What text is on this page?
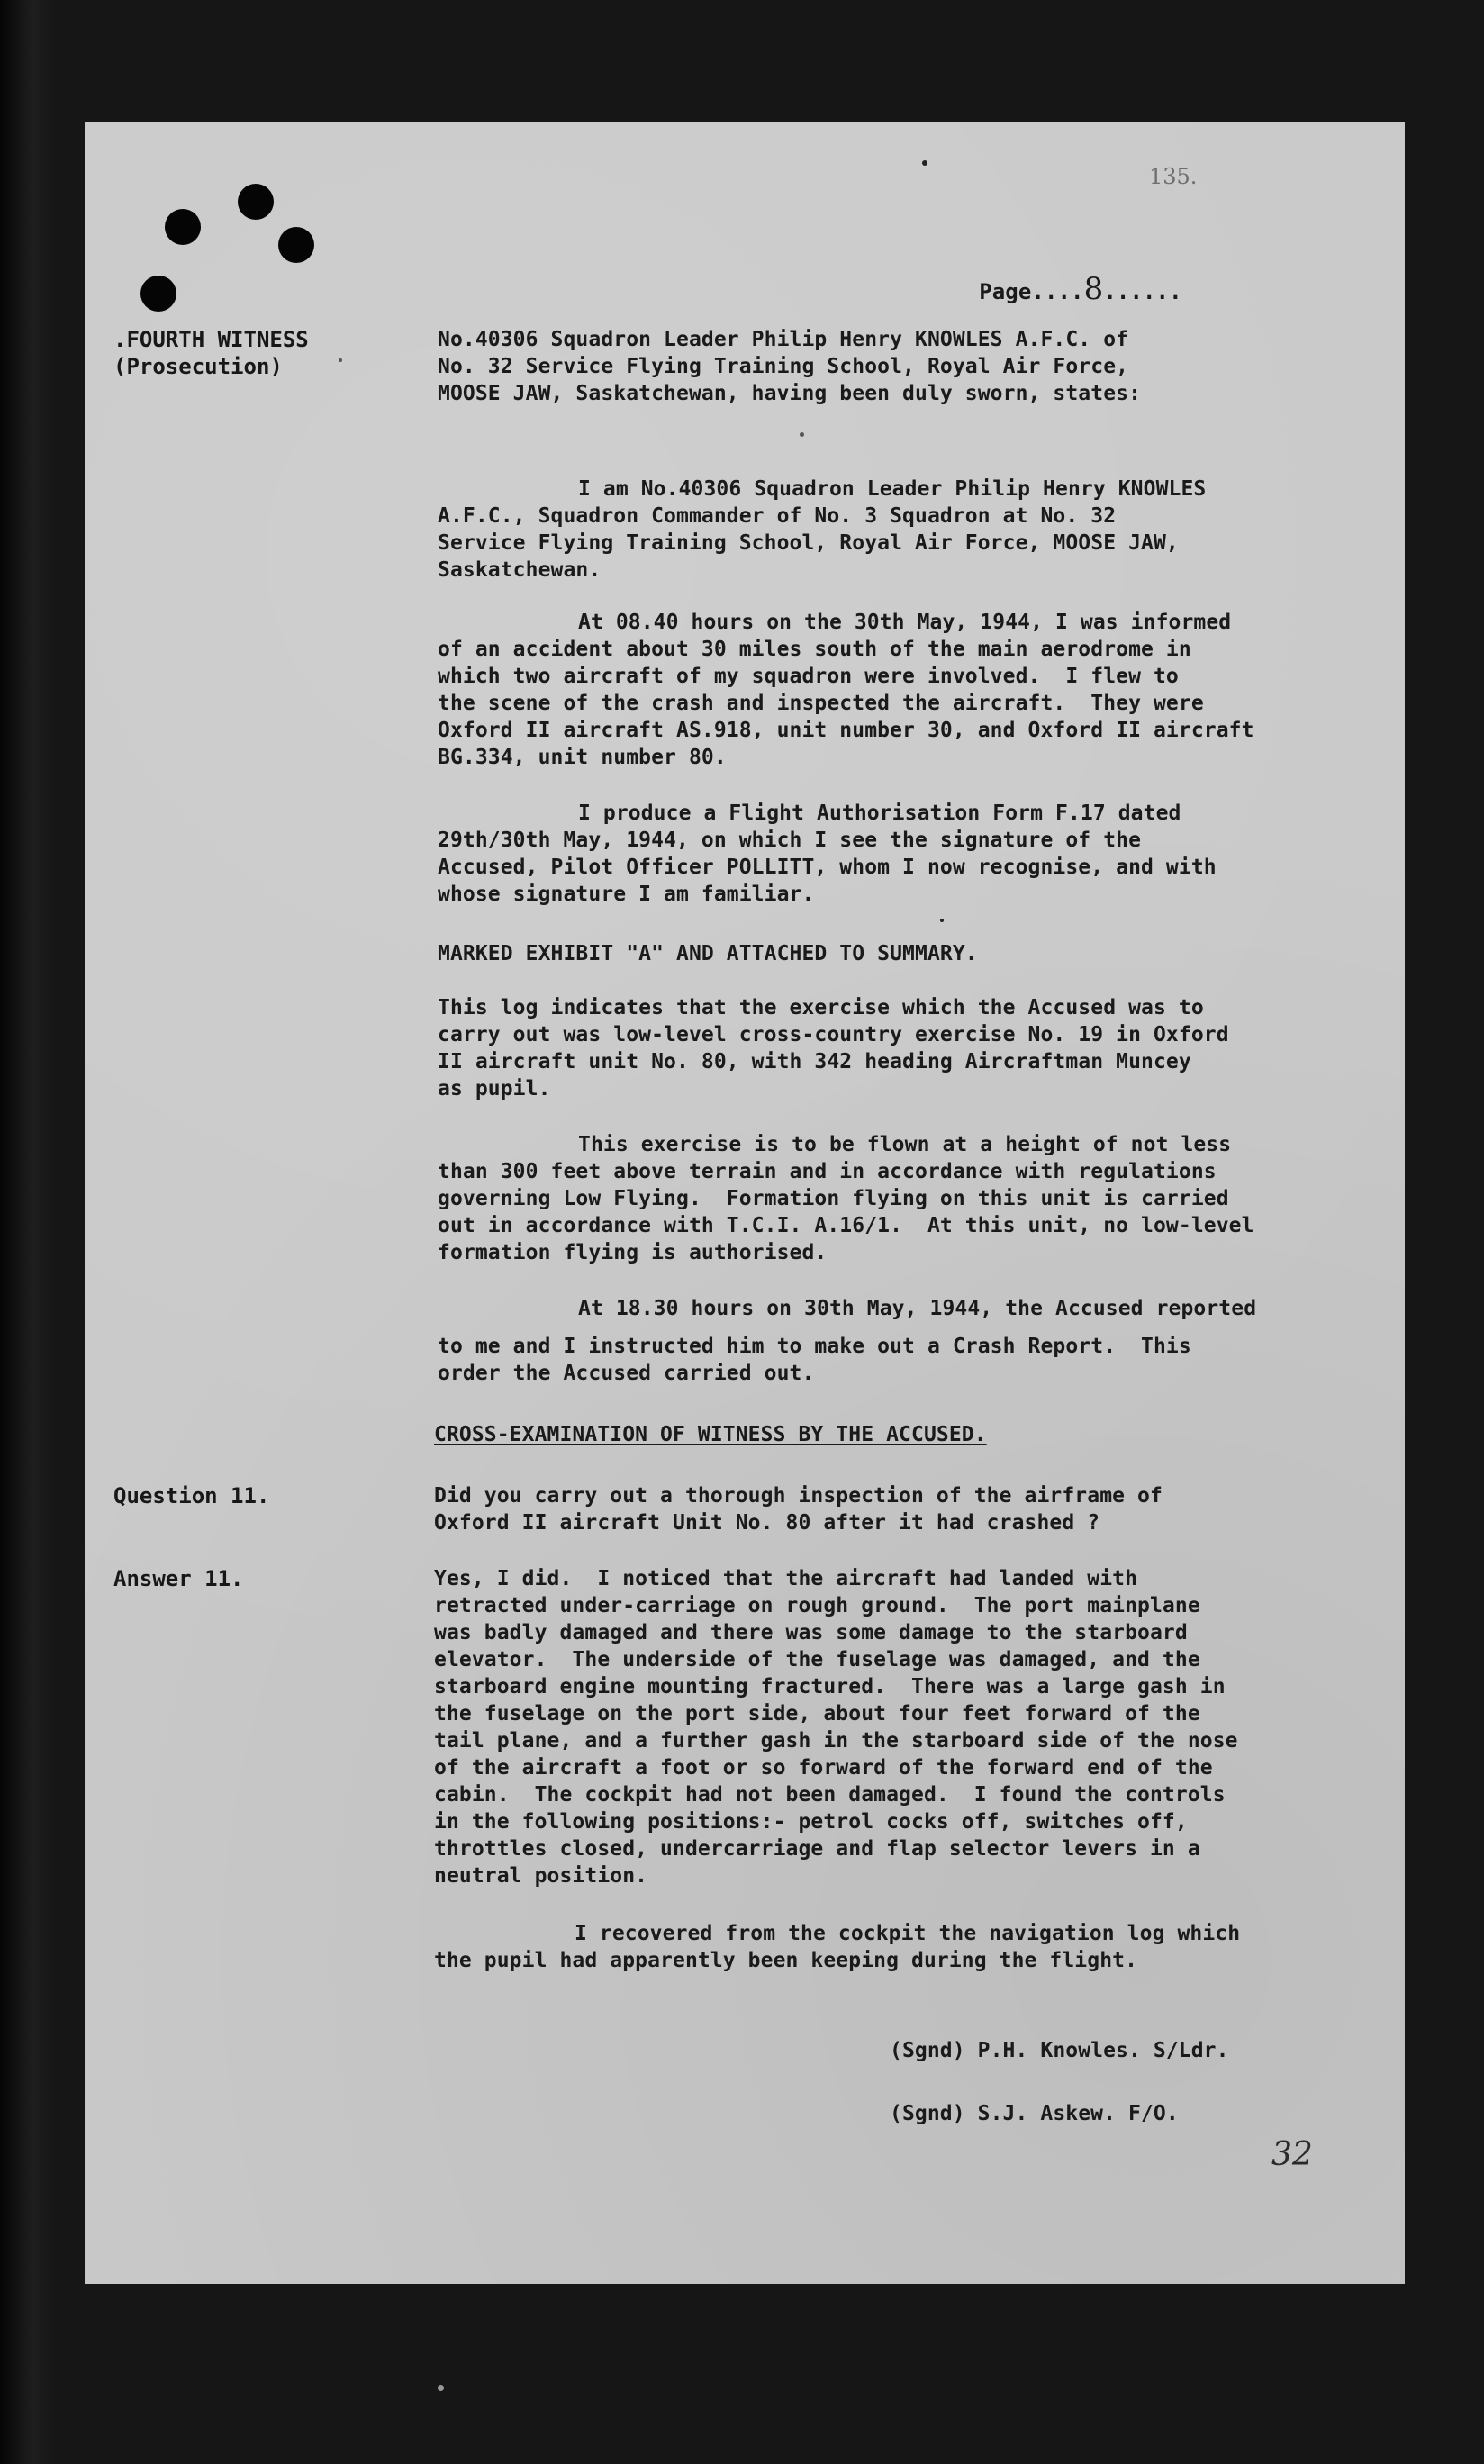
135.

Page....8......

.FOURTH WITNESS

(Prosecution)

No.40306 Squadron Leader Philip Henry KNOWLES A.F.C. of

No. 32 Service Flying Training School, Royal Air Force,

MOOSE JAW, Saskatchewan, having been duly sworn, states:

I am No.40306 Squadron Leader Philip Henry KNOWLES

A.F.C., Squadron Commander of No. 3 Squadron at No. 32

Service Flying Training School, Royal Air Force, MOOSE JAW,

Saskatchewan.

At 08.40 hours on the 30th May, 1944, I was informed

of an accident about 30 miles south of the main aerodrome in

which two aircraft of my squadron were involved.  I flew to

the scene of the crash and inspected the aircraft.  They were

Oxford II aircraft AS.918, unit number 30, and Oxford II aircraft

BG.334, unit number 80.

I produce a Flight Authorisation Form F.17 dated

29th/30th May, 1944, on which I see the signature of the

Accused, Pilot Officer POLLITT, whom I now recognise, and with

whose signature I am familiar.

MARKED EXHIBIT "A" AND ATTACHED TO SUMMARY.

This log indicates that the exercise which the Accused was to

carry out was low-level cross-country exercise No. 19 in Oxford

II aircraft unit No. 80, with 342 heading Aircraftman Muncey

as pupil.

This exercise is to be flown at a height of not less

than 300 feet above terrain and in accordance with regulations

governing Low Flying.  Formation flying on this unit is carried

out in accordance with T.C.I. A.16/1.  At this unit, no low-level

formation flying is authorised.

At 18.30 hours on 30th May, 1944, the Accused reported

to me and I instructed him to make out a Crash Report.  This

order the Accused carried out.

CROSS-EXAMINATION OF WITNESS BY THE ACCUSED.

Question 11.	Did you carry out a thorough inspection of the airframe of

Oxford II aircraft Unit No. 80 after it had crashed ?

Answer 11.	Yes, I did.  I noticed that the aircraft had landed with

retracted under-carriage on rough ground.  The port mainplane

was badly damaged and there was some damage to the starboard

elevator.  The underside of the fuselage was damaged, and the

starboard engine mounting fractured.  There was a large gash in

the fuselage on the port side, about four feet forward of the

tail plane, and a further gash in the starboard side of the nose

of the aircraft a foot or so forward of the forward end of the

cabin.  The cockpit had not been damaged.  I found the controls

in the following positions:- petrol cocks off, switches off,

throttles closed, undercarriage and flap selector levers in a

neutral position.

I recovered from the cockpit the navigation log which

the pupil had apparently been keeping during the flight.

(Sgnd) P.H. Knowles. S/Ldr.

(Sgnd) S.J. Askew. F/O.

32
